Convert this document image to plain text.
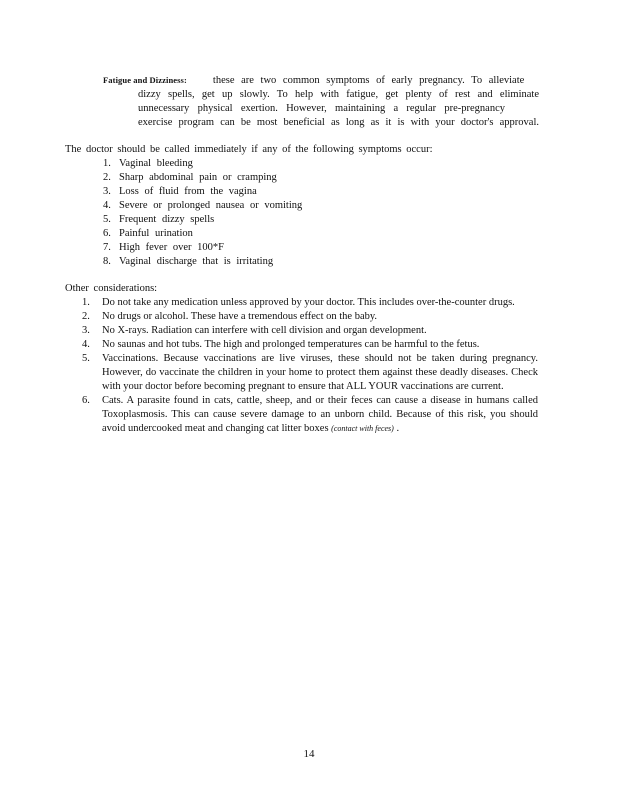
Fatigue and Dizziness: these are two common symptoms of early pregnancy. To alleviate
dizzy spells, get up slowly. To help with fatigue, get plenty of rest and eliminate
unnecessary physical exertion. However, maintaining a regular pre-pregnancy
exercise program can be most beneficial as long as it is with your doctor's approval.
The doctor should be called immediately if any of the following symptoms occur:
1. Vaginal bleeding
2. Sharp abdominal pain or cramping
3. Loss of fluid from the vagina
4. Severe or prolonged nausea or vomiting
5. Frequent dizzy spells
6. Painful urination
7. High fever over 100*F
8. Vaginal discharge that is irritating
Other considerations:
1.	Do not take any medication unless approved by your doctor. This includes over-the-counter drugs.
2.	No drugs or alcohol. These have a tremendous effect on the baby.
3.	No X-rays. Radiation can interfere with cell division and organ development.
4.	No saunas and hot tubs. The high and prolonged temperatures can be harmful to the fetus.
5.	Vaccinations. Because vaccinations are live viruses, these should not be taken during pregnancy. However, do vaccinate the children in your home to protect them against these deadly diseases. Check with your doctor before becoming pregnant to ensure that ALL YOUR vaccinations are current.
6.	Cats. A parasite found in cats, cattle, sheep, and or their feces can cause a disease in humans called Toxoplasmosis. This can cause severe damage to an unborn child. Because of this risk, you should avoid undercooked meat and changing cat litter boxes (contact with feces) .
14
